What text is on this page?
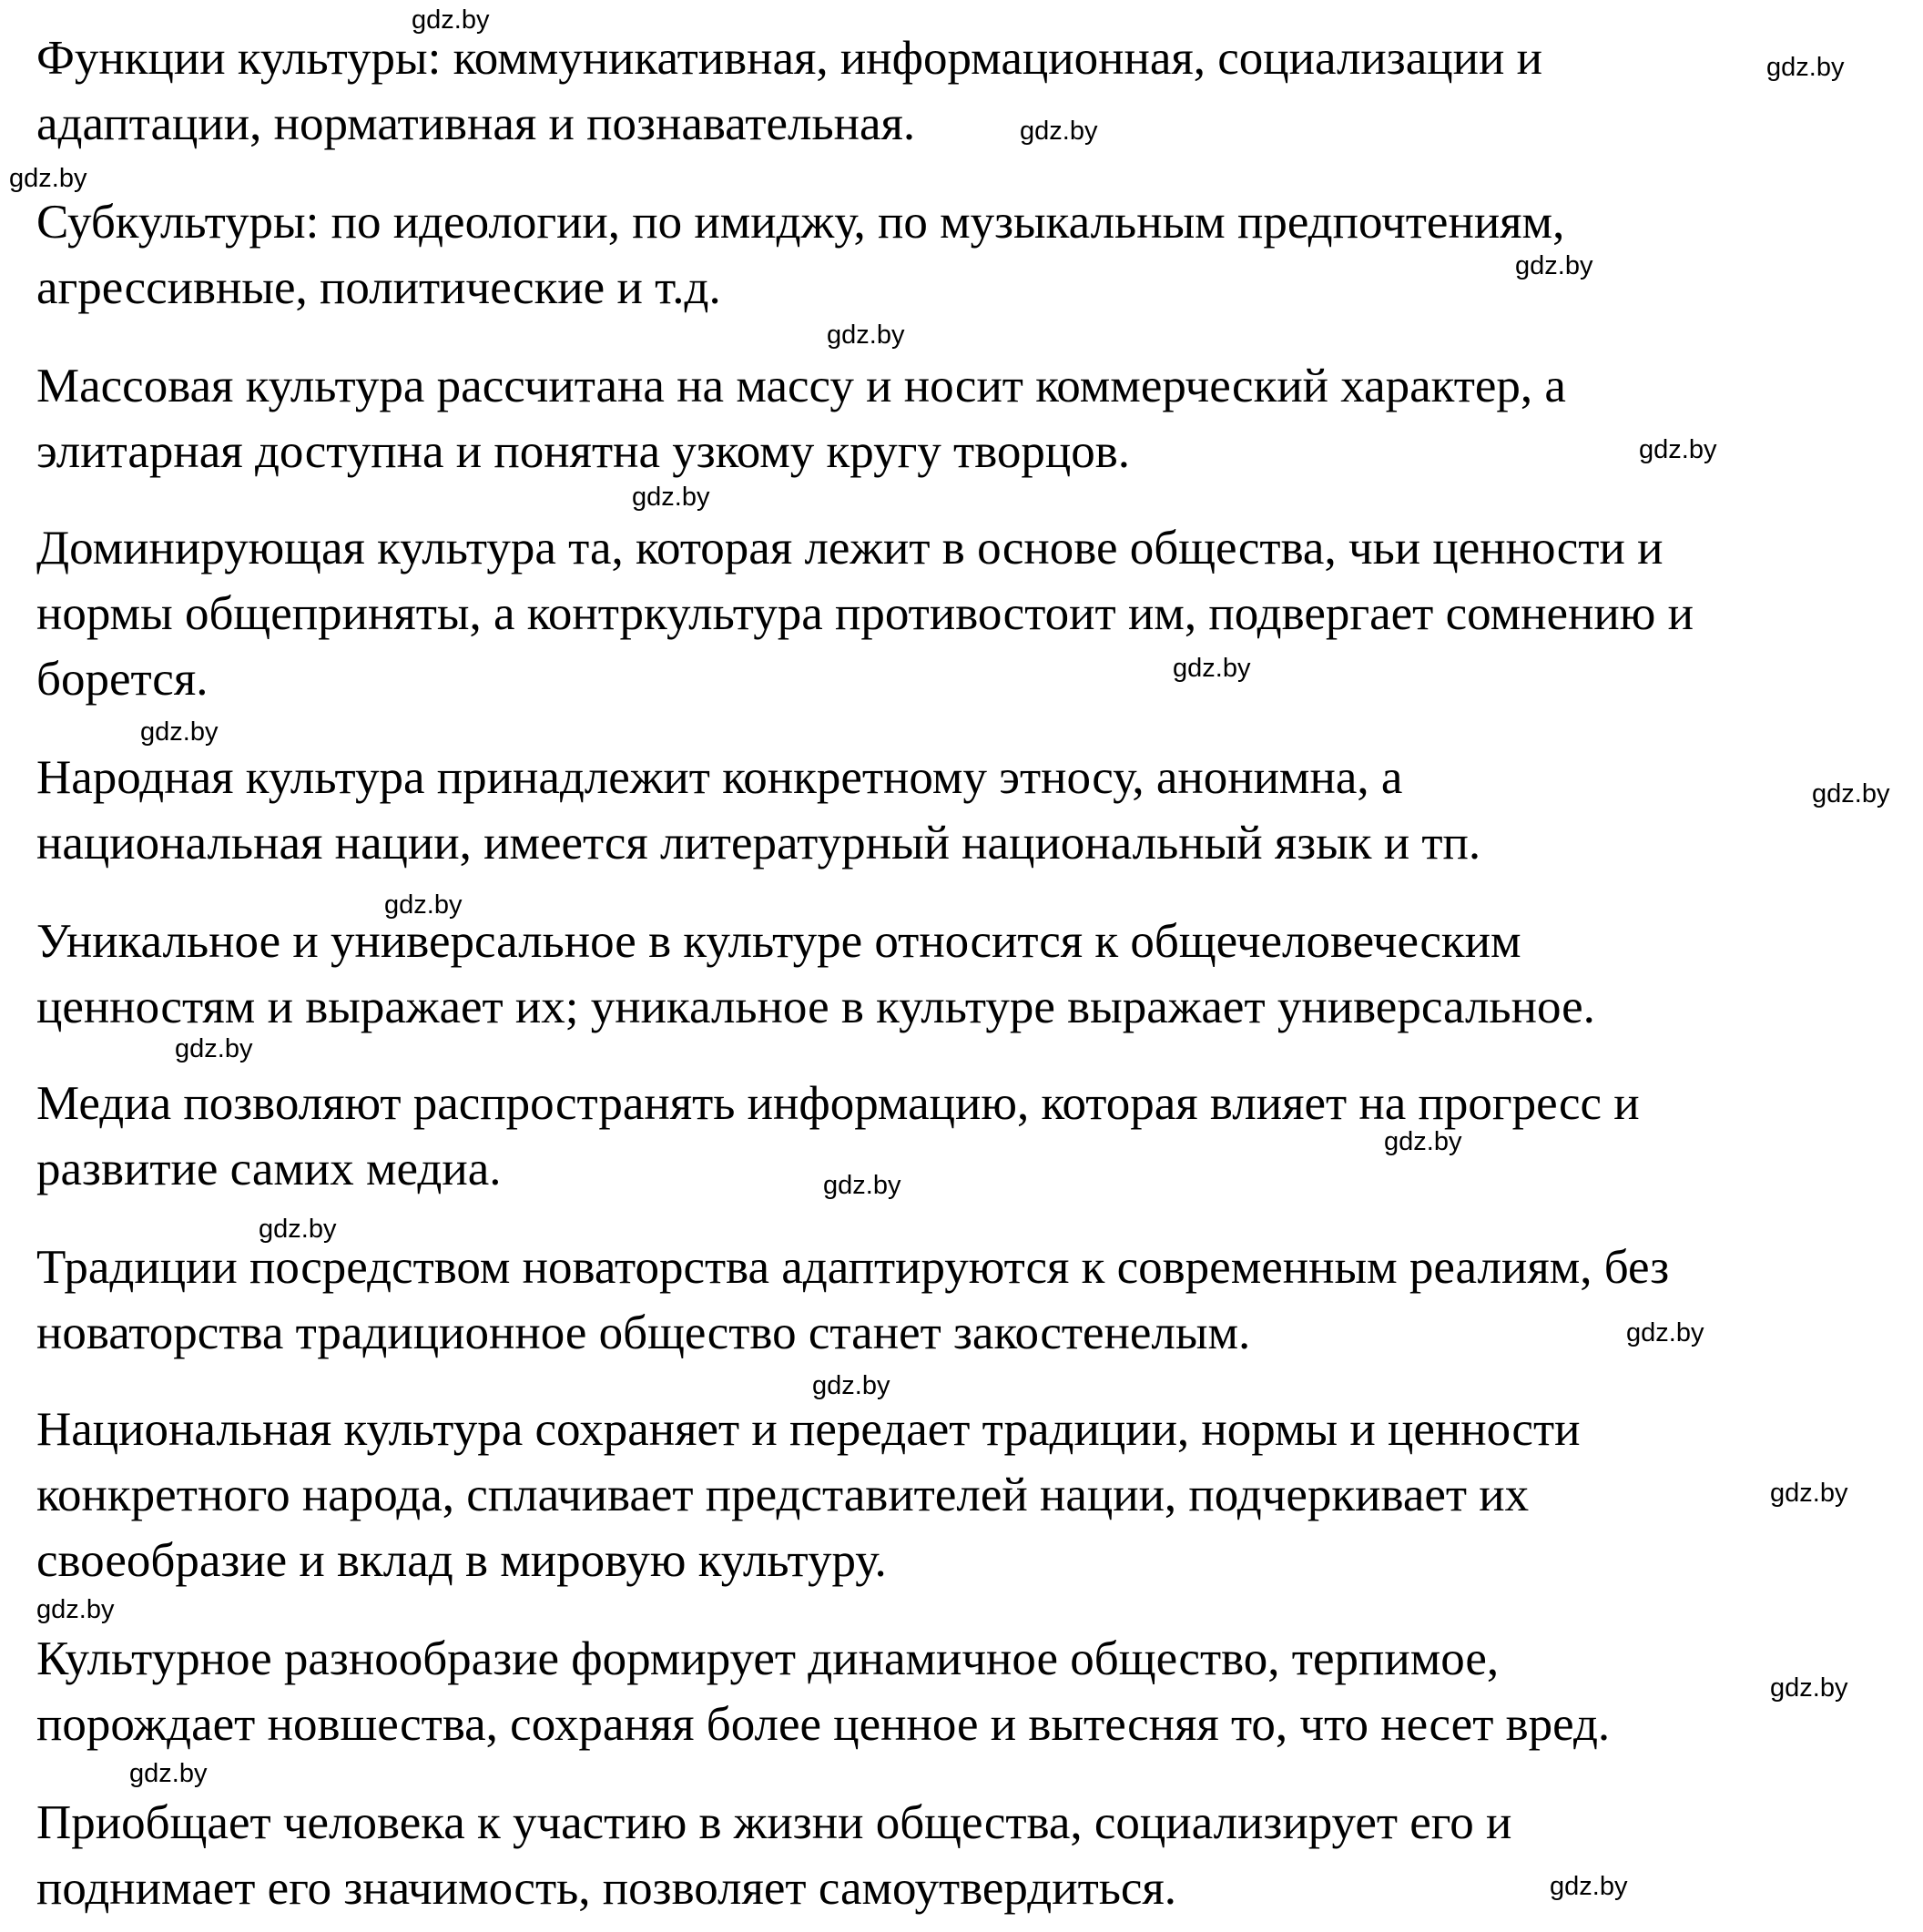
Функции культуры: коммуникативная, информационная, социализации и
адаптации, нормативная и познавательная.

Субкультуры: по идеологии, по имиджу, по музыкальным предпочтениям,
агрессивные, политические и т.д.

Массовая культура рассчитана на массу и носит коммерческий характер, а
элитарная доступна и понятна узкому кругу творцов.

Доминирующая культура та, которая лежит в основе общества, чьи ценности и
нормы общеприняты, а контркультура противостоит им, подвергает сомнению и
борется.

Народная культура принадлежит конкретному этносу, анонимна, а
национальная нации, имеется литературный национальный язык и тп.

Уникальное и универсальное в культуре относится к общечеловеческим
ценностям и выражает их; уникальное в культуре выражает универсальное.

Медиа позволяют распространять информацию, которая влияет на прогресс и
развитие самих медиа.

Традиции посредством новаторства адаптируются к современным реалиям, без
новаторства традиционное общество станет закостенелым.

Национальная культура сохраняет и передает традиции, нормы и ценности
конкретного народа, сплачивает представителей нации, подчеркивает их
своеобразие и вклад в мировую культуру.

Культурное разнообразие формирует динамичное общество, терпимое,
порождает новшества, сохраняя более ценное и вытесняя то, что несет вред.

Приобщает человека к участию в жизни общества, социализирует его и
поднимает его значимость, позволяет самоутвердиться.

gdz.by
gdz.by
gdz.by
gdz.by
gdz.by
gdz.by
gdz.by
gdz.by
gdz.by
gdz.by
gdz.by
gdz.by
gdz.by
gdz.by
gdz.by
gdz.by
gdz.by
gdz.by
gdz.by
gdz.by
gdz.by
gdz.by
gdz.by
